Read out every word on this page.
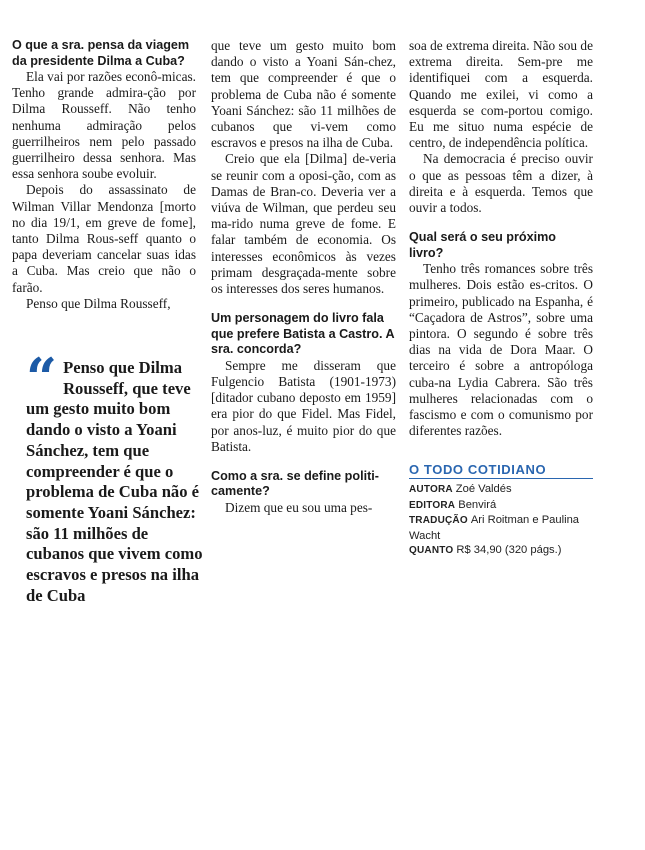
O que a sra. pensa da viagem da presidente Dilma a Cuba?

Ela vai por razões econô-micas. Tenho grande admira-ção por Dilma Rousseff. Não tenho nenhuma admiração pelos guerrilheiros nem pelo passado guerrilheiro dessa senhora. Mas essa senhora soube evoluir.

Depois do assassinato de Wilman Villar Mendonza [morto no dia 19/1, em greve de fome], tanto Dilma Rous-seff quanto o papa deveriam cancelar suas idas a Cuba. Mas creio que não o farão.

Penso que Dilma Rousseff,

“ Penso que Dilma Rousseff, que teve um gesto muito bom dando o visto a Yoani Sánchez, tem que compreender é que o problema de Cuba não é somente Yoani Sánchez: são 11 milhões de cubanos que vivem como escravos e presos na ilha de Cuba

que teve um gesto muito bom dando o visto a Yoani Sán-chez, tem que compreender é que o problema de Cuba não é somente Yoani Sánchez: são 11 milhões de cubanos que vi-vem como escravos e presos na ilha de Cuba.

Creio que ela [Dilma] de-veria se reunir com a oposi-ção, com as Damas de Bran-co. Deveria ver a viúva de Wilman, que perdeu seu ma-rido numa greve de fome. E falar também de economia. Os interesses econômicos às vezes primam desgraçada-mente sobre os interesses dos seres humanos.

Um personagem do livro fala que prefere Batista a Castro. A sra. concorda?

Sempre me disseram que Fulgencio Batista (1901-1973) [ditador cubano deposto em 1959] era pior do que Fidel. Mas Fidel, por anos-luz, é muito pior do que Batista.

Como a sra. se define politi-camente?

Dizem que eu sou uma pes-

soa de extrema direita. Não sou de extrema direita. Sem-pre me identifiquei com a esquerda. Quando me exilei, vi como a esquerda se com-portou comigo. Eu me situo numa espécie de centro, de independência política.

Na democracia é preciso ouvir o que as pessoas têm a dizer, à direita e à esquerda. Temos que ouvir a todos.

Qual será o seu próximo livro?

Tenho três romances sobre três mulheres. Dois estão es-critos. O primeiro, publicado na Espanha, é “Caçadora de Astros”, sobre uma pintora. O segundo é sobre três dias na vida de Dora Maar. O terceiro é sobre a antropóloga cuba-na Lydia Cabrera. São três mulheres relacionadas com o fascismo e com o comunismo por diferentes razões.

O TODO COTIDIANO
AUTORA Zoé Valdés
EDITORA Benvirá
TRADUÇÃO Ari Roitman e Paulina Wacht
QUANTO R$ 34,90 (320 págs.)
